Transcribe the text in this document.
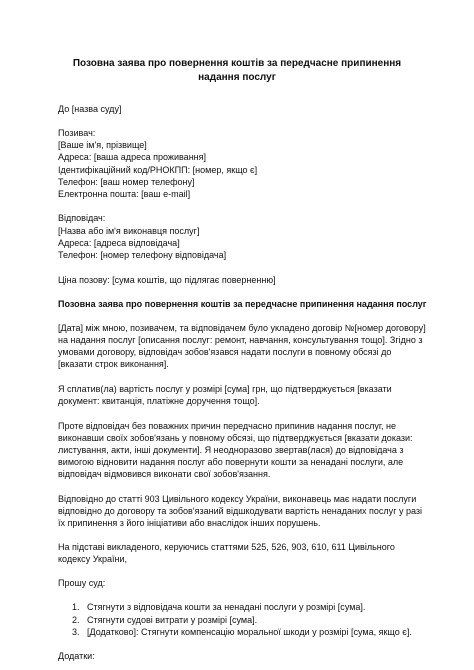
Позовна заява про повернення коштів за передчасне припинення надання послуг
До [назва суду]
Позивач:
[Ваше ім'я, прізвище]
Адреса: [ваша адреса проживання]
Ідентифікаційний код/РНОКПП: [номер, якщо є]
Телефон: [ваш номер телефону]
Електронна пошта: [ваш e-mail]
Відповідач:
[Назва або ім'я виконавця послуг]
Адреса: [адреса відповідача]
Телефон: [номер телефону відповідача]
Ціна позову: [сума коштів, що підлягає поверненню]
Позовна заява про повернення коштів за передчасне припинення надання послуг
[Дата] між мною, позивачем, та відповідачем було укладено договір №[номер договору]
на надання послуг [описання послуг: ремонт, навчання, консультування тощо]. Згідно з
умовами договору, відповідач зобов'язався надати послуги в повному обсязі до
[вказати строк виконання].
Я сплатив(ла) вартість послуг у розмірі [сума] грн, що підтверджується [вказати
документ: квитанція, платіжне доручення тощо].
Проте відповідач без поважних причин передчасно припинив надання послуг, не
виконавши своїх зобов'язань у повному обсязі, що підтверджується [вказати докази:
листування, акти, інші документи]. Я неодноразово звертав(лася) до відповідача з
вимогою відновити надання послуг або повернути кошти за ненадані послуги, але
відповідач відмовився виконати свої зобов'язання.
Відповідно до статті 903 Цивільного кодексу України, виконавець має надати послуги
відповідно до договору та зобов'язаний відшкодувати вартість ненаданих послуг у разі
їх припинення з його ініціативи або внаслідок інших порушень.
На підставі викладеного, керуючись статтями 525, 526, 903, 610, 611 Цивільного
кодексу України,
Прошу суд:
1. Стягнути з відповідача кошти за ненадані послуги у розмірі [сума].
2. Стягнути судові витрати у розмірі [сума].
3. [Додатково]: Стягнути компенсацію моральної шкоди у розмірі [сума, якщо є].
Додатки:
